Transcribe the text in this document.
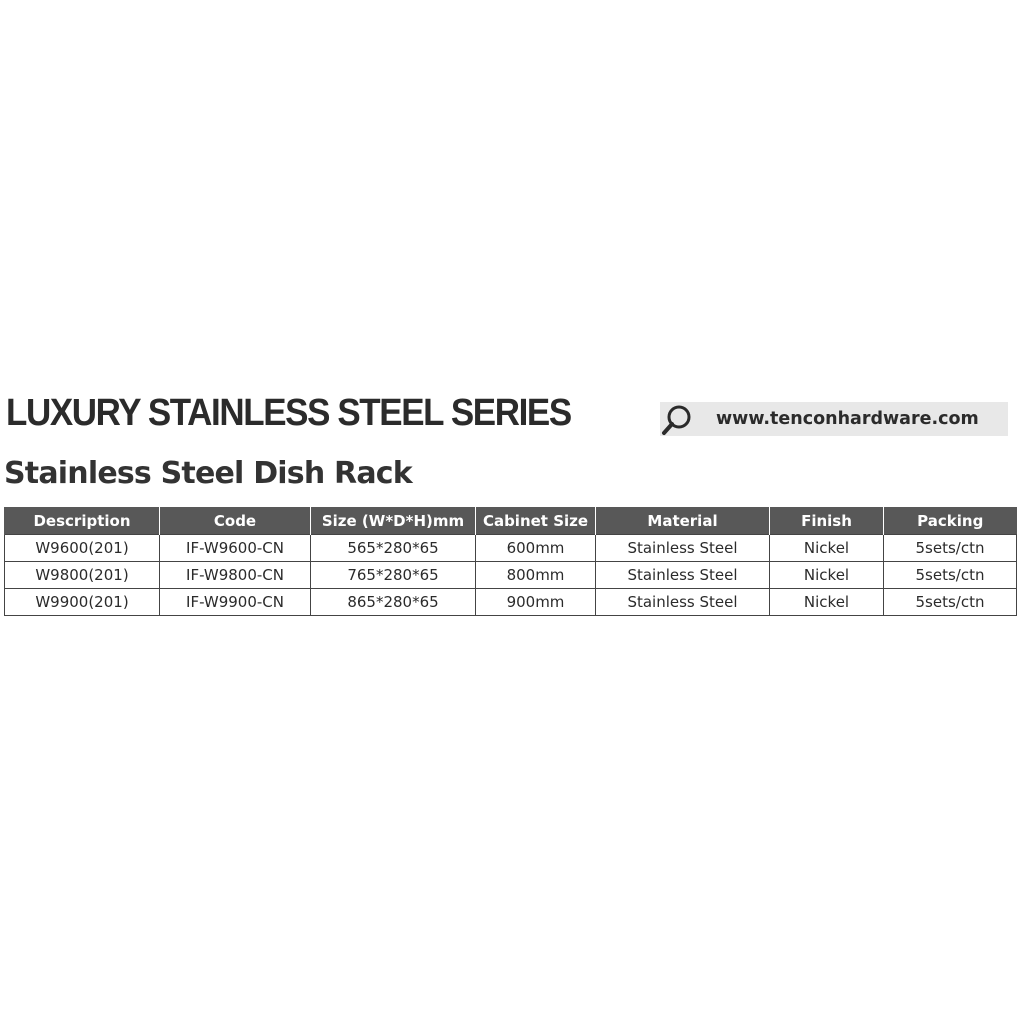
LUXURY STAINLESS STEEL SERIES	www.tenconhardware.com
Stainless Steel Dish Rack
Description	Code	Size (W*D*H)mm	Cabinet Size	Material	Finish	Packing
W9600(201)	IF-W9600-CN	565*280*65	600mm	Stainless Steel	Nickel	5sets/ctn
W9800(201)	IF-W9800-CN	765*280*65	800mm	Stainless Steel	Nickel	5sets/ctn
W9900(201)	IF-W9900-CN	865*280*65	900mm	Stainless Steel	Nickel	5sets/ctn
